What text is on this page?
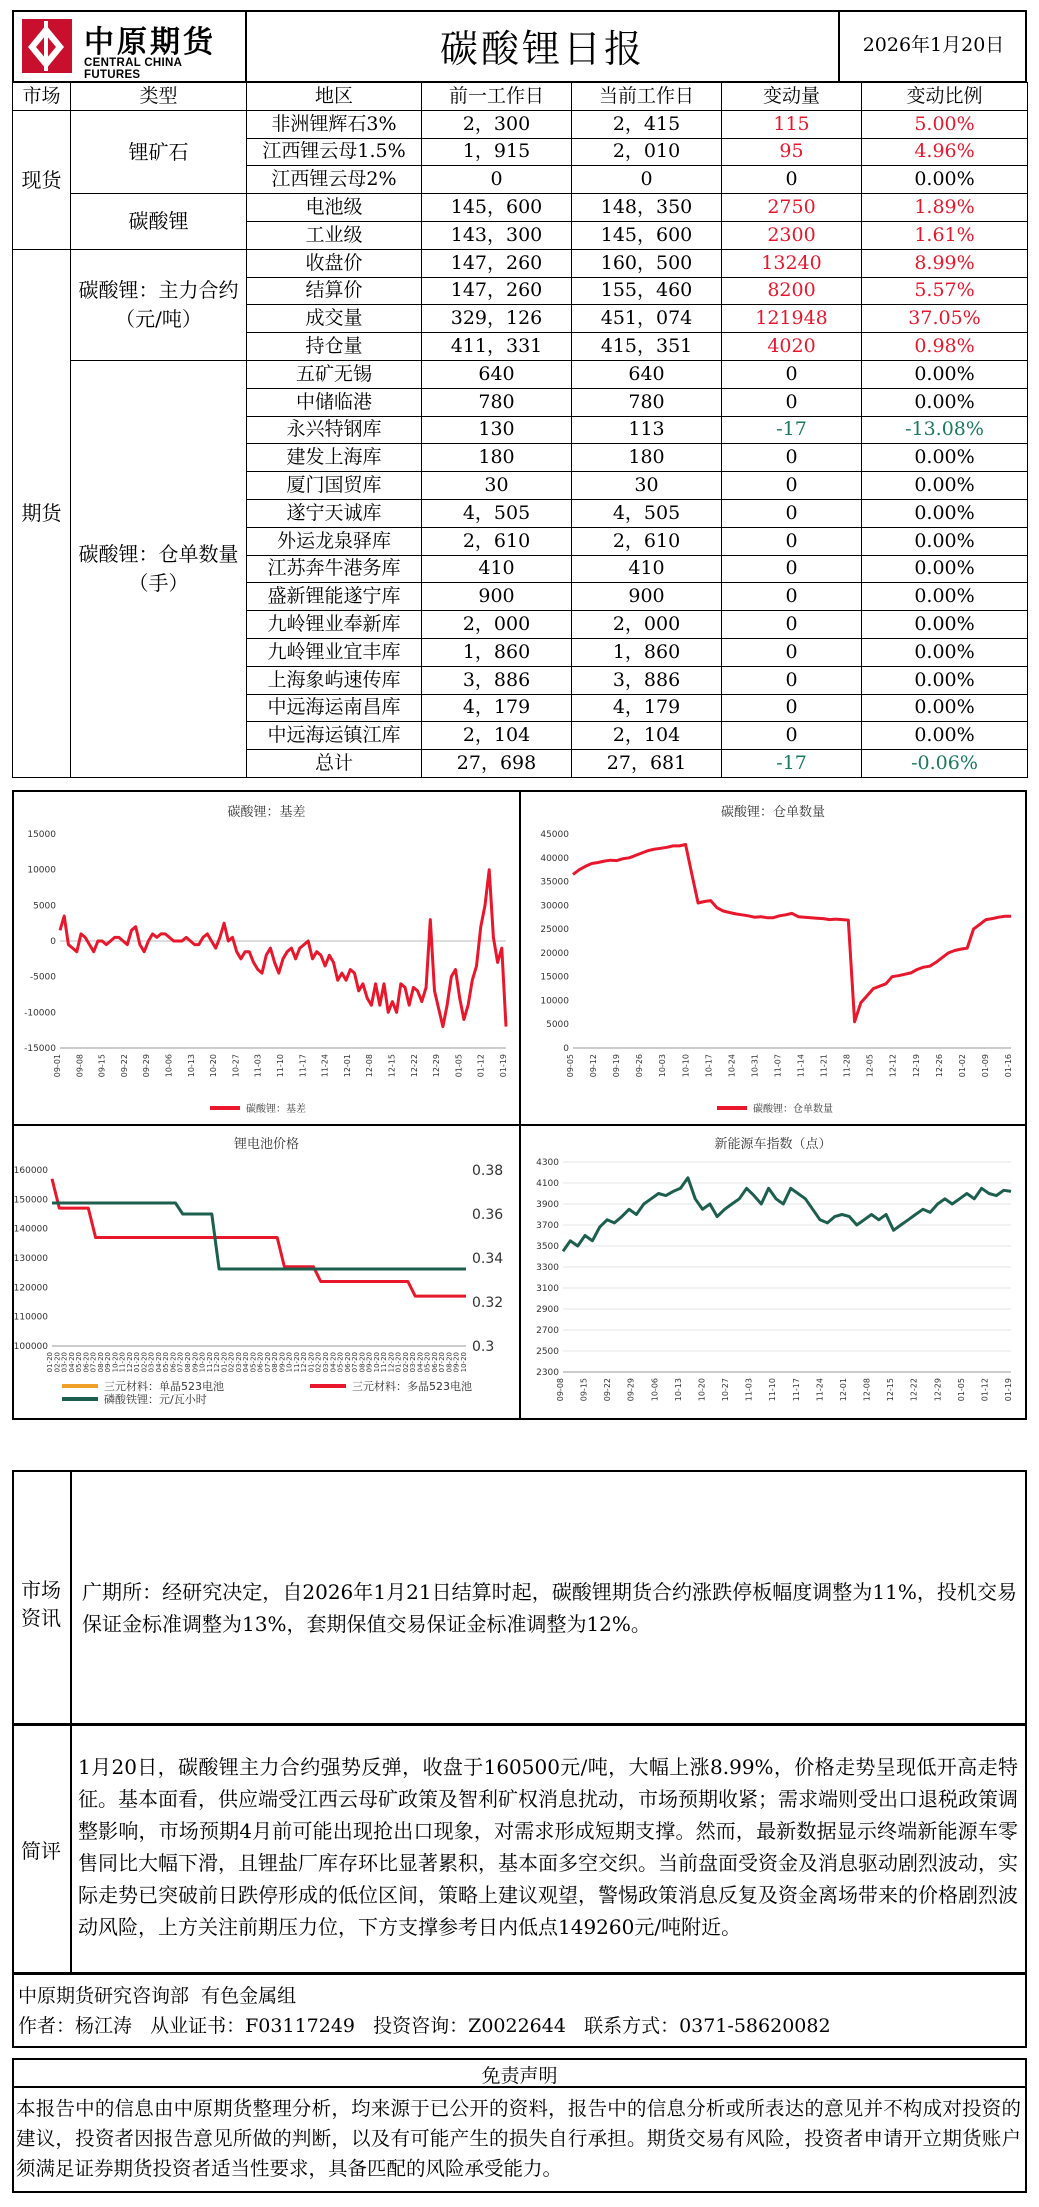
中原期货
CENTRAL CHINA FUTURES
碳酸锂日报	2026年1月20日
市场	类型	地区	前一工作日	当前工作日	变动量	变动比例
现货	锂矿石	非洲锂辉石3%	2，300	2，415	115	5.00%
		江西锂云母1.5%	1，915	2，010	95	4.96%
		江西锂云母2%	0	0	0	0.00%
	碳酸锂	电池级	145，600	148，350	2750	1.89%
		工业级	143，300	145，600	2300	1.61%
期货	碳酸锂：主力合约（元/吨）	收盘价	147，260	160，500	13240	8.99%
		结算价	147，260	155，460	8200	5.57%
		成交量	329，126	451，074	121948	37.05%
		持仓量	411，331	415，351	4020	0.98%
	碳酸锂：仓单数量（手）	五矿无锡	640	640	0	0.00%
		中储临港	780	780	0	0.00%
		永兴特钢库	130	113	-17	-13.08%
		建发上海库	180	180	0	0.00%
		厦门国贸库	30	30	0	0.00%
		遂宁天诚库	4，505	4，505	0	0.00%
		外运龙泉驿库	2，610	2，610	0	0.00%
		江苏奔牛港务库	410	410	0	0.00%
		盛新锂能遂宁库	900	900	0	0.00%
		九岭锂业奉新库	2，000	2，000	0	0.00%
		九岭锂业宜丰库	1，860	1，860	0	0.00%
		上海象屿速传库	3，886	3，886	0	0.00%
		中远海运南昌库	4，179	4，179	0	0.00%
		中远海运镇江库	2，104	2，104	0	0.00%
		总计	27，698	27，681	-17	-0.06%
碳酸锂：基差
15000
10000
5000
0
-5000
-10000
-15000
09-01 09-08 09-15 09-22 09-29 10-06 10-13 10-20 10-27 11-03 11-10 11-17 11-24 12-01 12-08 12-15 12-22 12-29 01-05 01-12 01-19
碳酸锂：基差
碳酸锂：仓单数量
45000
40000
35000
30000
25000
20000
15000
10000
5000
0
09-05 09-12 09-19 09-26 10-03 10-10 10-17 10-24 10-31 11-07 11-14 11-21 11-28 12-05 12-12 12-19 12-26 01-02 01-09 01-16
碳酸锂：仓单数量
锂电池价格
160000
150000
140000
130000
120000
110000
100000
0.38
0.36
0.34
0.32
0.3
01-20 02-20 03-20 04-20 05-20 06-20 07-20 08-20 09-20 10-20 11-20 12-20 01-20 02-20 03-20 04-20 05-20 06-20 07-20 08-20 09-20 10-20 11-20 12-20 01-20 02-20 03-20 04-20 05-20 06-20 07-20 08-20 09-20 10-20 11-20 12-20 01-20 02-20 03-20 04-20 05-20 06-20 07-20 08-20 09-20 10-20 11-20 12-20 01-20 02-20 03-20 04-20 05-20 06-20 07-20 08-20 09-20 10-20
三元材料：单晶523电池	三元材料：多晶523电池
磷酸铁锂：元/瓦小时
新能源车指数（点）
4300
4100
3900
3700
3500
3300
3100
2900
2700
2500
2300
09-08 09-15 09-22 09-29 10-06 10-13 10-20 10-27 11-03 11-10 11-17 11-24 12-01 12-08 12-15 12-22 12-29 01-05 01-12 01-19
市场资讯
广期所：经研究决定，自2026年1月21日结算时起，碳酸锂期货合约涨跌停板幅度调整为11%，投机交易保证金标准调整为13%，套期保值交易保证金标准调整为12%。
简评
1月20日，碳酸锂主力合约强势反弹，收盘于160500元/吨，大幅上涨8.99%，价格走势呈现低开高走特征。基本面看，供应端受江西云母矿政策及智利矿权消息扰动，市场预期收紧；需求端则受出口退税政策调整影响，市场预期4月前可能出现抢出口现象，对需求形成短期支撑。然而，最新数据显示终端新能源车零售同比大幅下滑，且锂盐厂库存环比显著累积，基本面多空交织。当前盘面受资金及消息驱动剧烈波动，实际走势已突破前日跌停形成的低位区间，策略上建议观望，警惕政策消息反复及资金离场带来的价格剧烈波动风险，上方关注前期压力位，下方支撑参考日内低点149260元/吨附近。
中原期货研究咨询部  有色金属组
作者：杨江涛   从业证书：F03117249   投资咨询：Z0022644   联系方式：0371-58620082
免责声明
本报告中的信息由中原期货整理分析，均来源于已公开的资料，报告中的信息分析或所表达的意见并不构成对投资的建议，投资者因报告意见所做的判断，以及有可能产生的损失自行承担。期货交易有风险，投资者申请开立期货账户须满足证券期货投资者适当性要求，具备匹配的风险承受能力。
